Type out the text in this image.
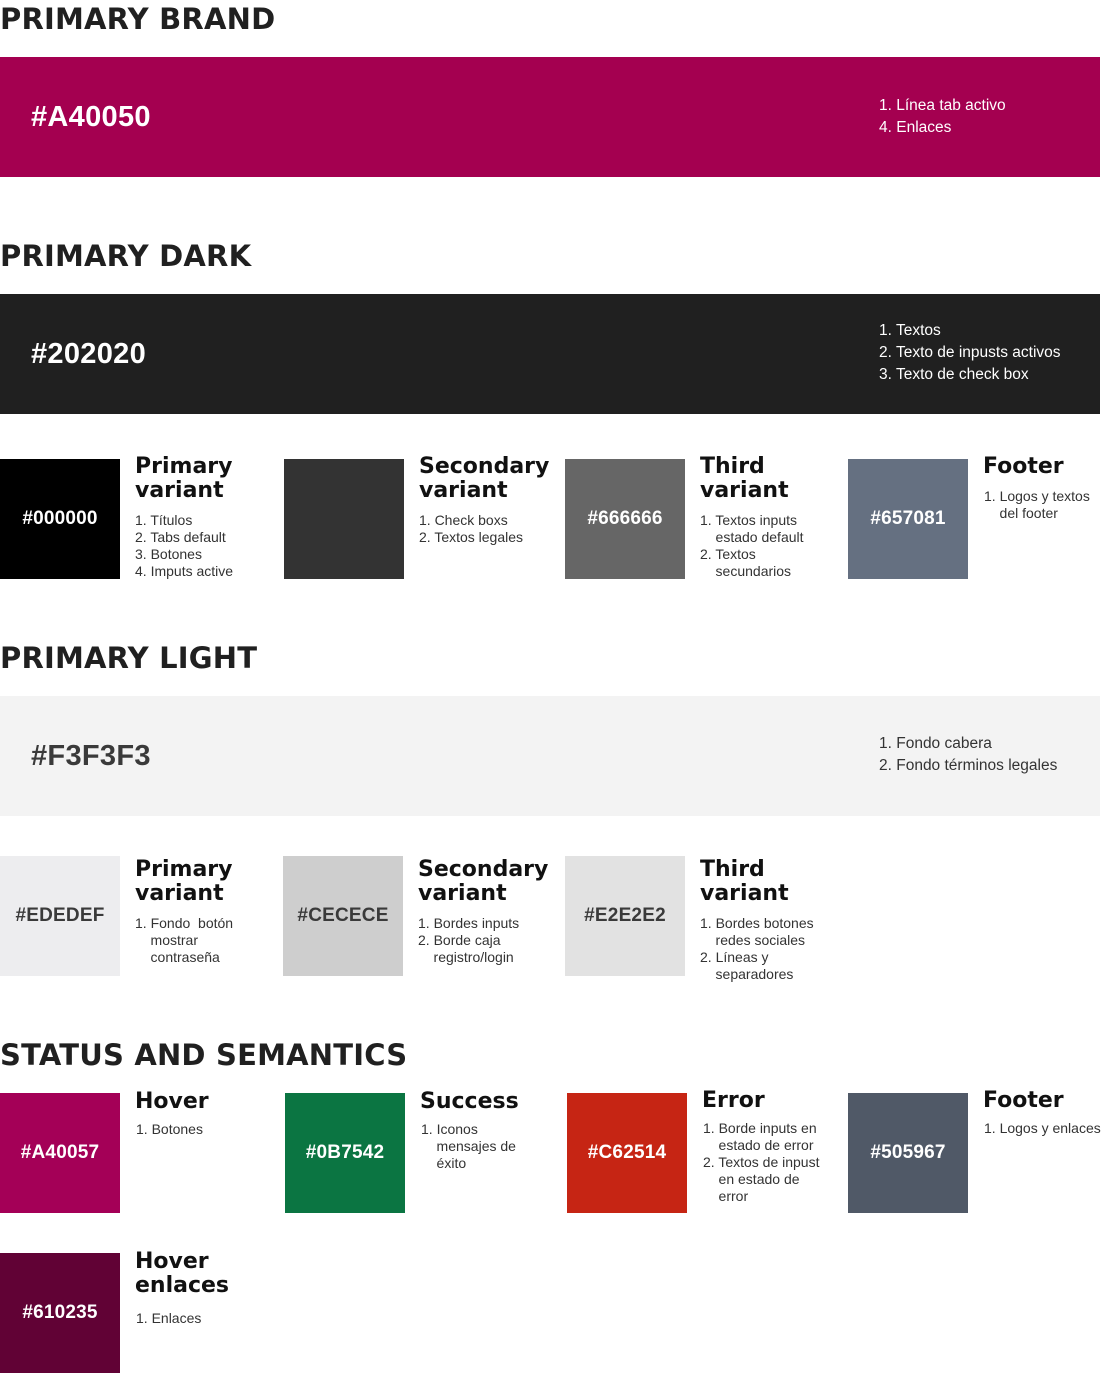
PRIMARY BRAND
#A40050	1. Línea tab activo
4. Enlaces
PRIMARY DARK
#202020
1. Textos
2. Texto de inpusts activos
3. Texto de check box
#000000
Primary
variant
1. Títulos
2. Tabs default
3. Botones
4. Imputs active
Secondary
variant
1. Check boxs
2. Textos legales
#666666
Third
variant
1. Textos inputs
estado default
2. Textos
secundarios
#657081
Footer
1. Logos y textos
del footer
PRIMARY LIGHT
#F3F3F3	1. Fondo cabera
2. Fondo términos legales
#EDEDEF
Primary
variant
1. Fondo  botón
mostrar
contraseña
#CECECE
Secondary
variant
1. Bordes inputs
2. Borde caja
registro/login
#E2E2E2
Third
variant
1. Bordes botones
redes sociales
2. Líneas y
separadores
STATUS AND SEMANTICS
#A40057
Hover
1. Botones
#0B7542
Success
1. Iconos
mensajes de
éxito	#C62514
Error
1. Borde inputs en
estado de error
2. Textos de inpust
en estado de
error
#505967
Footer
1. Logos y enlaces
#610235
Hover
enlaces
1. Enlaces
